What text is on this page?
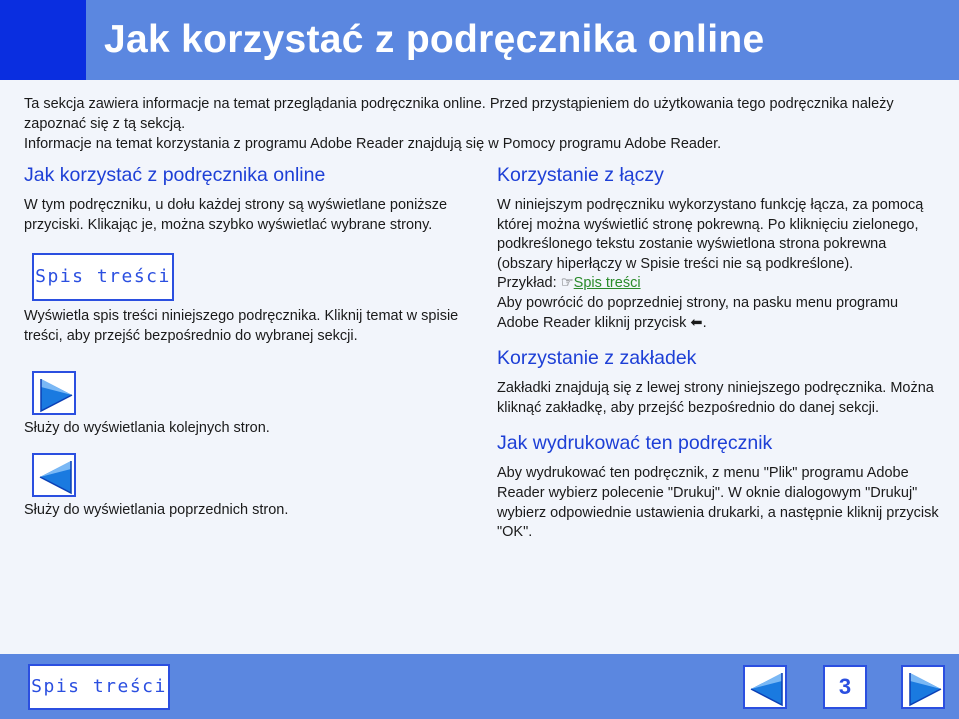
Jak korzystać z podręcznika online

Ta sekcja zawiera informacje na temat przeglądania podręcznika online. Przed przystąpieniem do użytkowania tego podręcznika należy zapoznać się z tą sekcją.

Informacje na temat korzystania z programu Adobe Reader znajdują się w Pomocy programu Adobe Reader.

Jak korzystać z podręcznika online

W tym podręczniku, u dołu każdej strony są wyświetlane poniższe przyciski. Klikając je, można szybko wyświetlać wybrane strony.

Spis treści

Wyświetla spis treści niniejszego podręcznika. Kliknij temat w spisie treści, aby przejść bezpośrednio do wybranej sekcji.

Służy do wyświetlania kolejnych stron.

Służy do wyświetlania poprzednich stron.

Korzystanie z łączy

W niniejszym podręczniku wykorzystano funkcję łącza, za pomocą której można wyświetlić stronę pokrewną. Po kliknięciu zielonego, podkreślonego tekstu zostanie wyświetlona strona pokrewna (obszary hiperłączy w Spisie treści nie są podkreślone).
Przykład: ☞Spis treści
Aby powrócić do poprzedniej strony, na pasku menu programu Adobe Reader kliknij przycisk ⬅.

Korzystanie z zakładek

Zakładki znajdują się z lewej strony niniejszego podręcznika. Można kliknąć zakładkę, aby przejść bezpośrednio do danej sekcji.

Jak wydrukować ten podręcznik

Aby wydrukować ten podręcznik, z menu "Plik" programu Adobe Reader wybierz polecenie "Drukuj". W oknie dialogowym "Drukuj" wybierz odpowiednie ustawienia drukarki, a następnie kliknij przycisk "OK".

Spis treści	3
